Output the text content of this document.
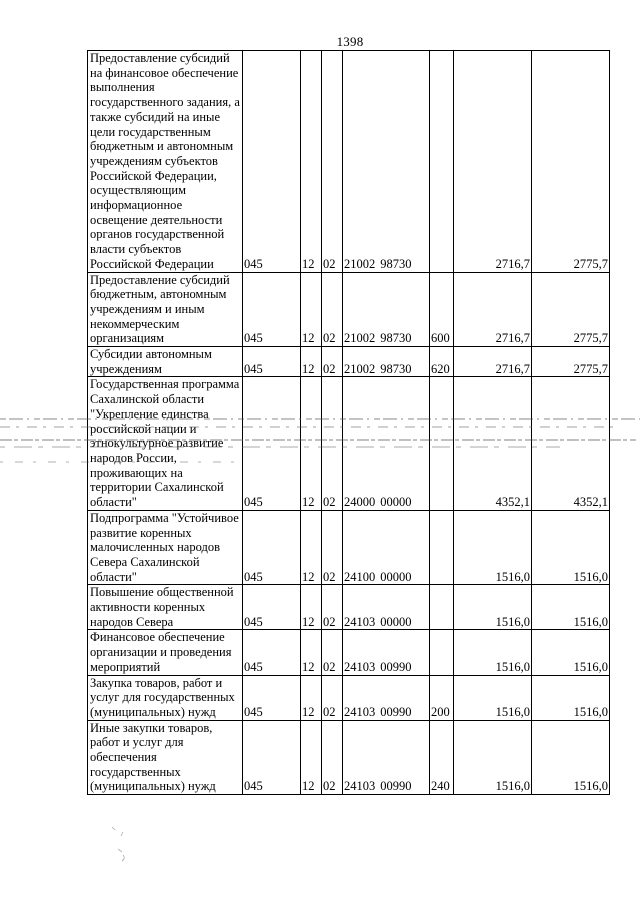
1398
Предоставление субсидий на финансовое обеспечение выполнения государственного задания, а также субсидий на иные цели государственным бюджетным и автономным учреждениям субъектов Российской Федерации, осуществляющим информационное освещение деятельности органов государственной власти субъектов Российской Федерации	045	12	02	21002 98730		2716,7	2775,7
Предоставление субсидий бюджетным, автономным учреждениям и иным некоммерческим организациям	045	12	02	21002 98730	600	2716,7	2775,7
Субсидии автономным учреждениям	045	12	02	21002 98730	620	2716,7	2775,7
Государственная программа Сахалинской области "Укрепление единства российской нации и этнокультурное развитие народов России, проживающих на территории Сахалинской области"	045	12	02	24000 00000		4352,1	4352,1
Подпрограмма "Устойчивое развитие коренных малочисленных народов Севера Сахалинской области"	045	12	02	24100 00000		1516,0	1516,0
Повышение общественной активности коренных народов Севера	045	12	02	24103 00000		1516,0	1516,0
Финансовое обеспечение организации и проведения мероприятий	045	12	02	24103 00990		1516,0	1516,0
Закупка товаров, работ и услуг для государственных (муниципальных) нужд	045	12	02	24103 00990	200	1516,0	1516,0
Иные закупки товаров, работ и услуг для обеспечения государственных (муниципальных) нужд	045	12	02	24103 00990	240	1516,0	1516,0
